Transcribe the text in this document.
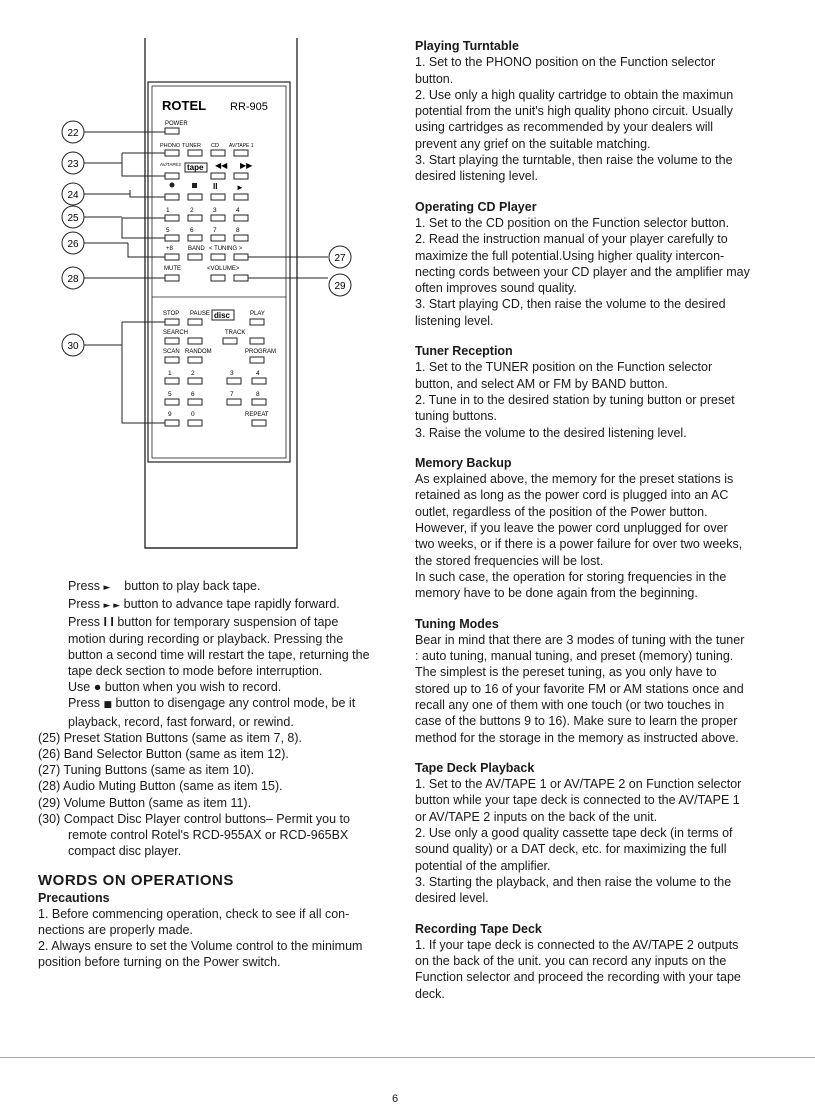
ROTEL RR-905
POWER
PHONO TUNER CD AV/TAPE 1
AV/TAPE2 tape ◀◀ ▶▶
II ►
1	2	3	4
5	6	7	8
+8	BAND < TUNING >
MUTE	<VOLUME>
STOP PAUSE disc	PLAY
SEARCH	TRACK
SCAN RANDOM	PROGRAM
1	2	3	4
5	6	7	8
9	0	REPEAT
22
23
24
25
26
28
30
27
29

Press ► button to play back tape.

Press ► ► button to advance tape rapidly forward.

Press I I button for temporary suspension of tape motion during recording or playback. Pressing the button a second time will restart the tape, returning the tape deck section to mode before interruption.

Use ● button when you wish to record.

Press ■ button to disengage any control mode, be it playback, record, fast forward, or rewind.

(25) Preset Station Buttons (same as item 7, 8).

(26) Band Selector Button (same as item 12).

(27) Tuning Buttons (same as item 10).

(28) Audio Muting Button (same as item 15).

(29) Volume Button (same as item 11).

(30) Compact Disc Player control buttons– Permit you to remote control Rotel's RCD-955AX or RCD-965BX compact disc player.

WORDS ON OPERATIONS

Precautions

1. Before commencing operation, check to see if all con- nections are properly made.

2. Always ensure to set the Volume control to the minimum position before turning on the Power switch.

Playing Turntable

1. Set to the PHONO position on the Function selector button.

2. Use only a high quality cartridge to obtain the maximun potential from the unit's high quality phono circuit. Usually using cartridges as recommended by your dealers will prevent any grief on the suitable matching.

3. Start playing the turntable, then raise the volume to the desired listening level.

Operating CD Player

1. Set to the CD position on the Function selector button.

2. Read the instruction manual of your player carefully to maximize the full potential.Using higher quality intercon- necting cords between your CD player and the amplifier may often improves sound quality.

3. Start playing CD, then raise the volume to the desired listening level.

Tuner Reception

1. Set to the TUNER position on the Function selector button, and select AM or FM by BAND button.

2. Tune in to the desired station by tuning button or preset tuning buttons.

3. Raise the volume to the desired listening level.

Memory Backup

As explained above, the memory for the preset stations is retained as long as the power cord is plugged into an AC outlet, regardless of the position of the Power button. However, if you leave the power cord unplugged for over two weeks, or if there is a power failure for over two weeks, the stored frequencies will be lost.

In such case, the operation for storing frequencies in the memory have to be done again from the beginning.

Tuning Modes

Bear in mind that there are 3 modes of tuning with the tuner : auto tuning, manual tuning, and preset (memory) tuning. The simplest is the pereset tuning, as you only have to stored up to 16 of your favorite FM or AM stations once and recall any one of them with one touch (or two touches in case of the buttons 9 to 16). Make sure to learn the proper method for the storage in the memory as instructed above.

Tape Deck Playback

1. Set to the AV/TAPE 1 or AV/TAPE 2 on Function selector button while your tape deck is connected to the AV/TAPE 1 or AV/TAPE 2 inputs on the back of the unit.

2. Use only a good quality cassette tape deck (in terms of sound quality) or a DAT deck, etc. for maximizing the full potential of the amplifier.

3. Starting the playback, and then raise the volume to the desired level.

Recording Tape Deck

1. If your tape deck is connected to the AV/TAPE 2 outputs on the back of the unit. you can record any inputs on the Function selector and proceed the recording with your tape deck.

6
